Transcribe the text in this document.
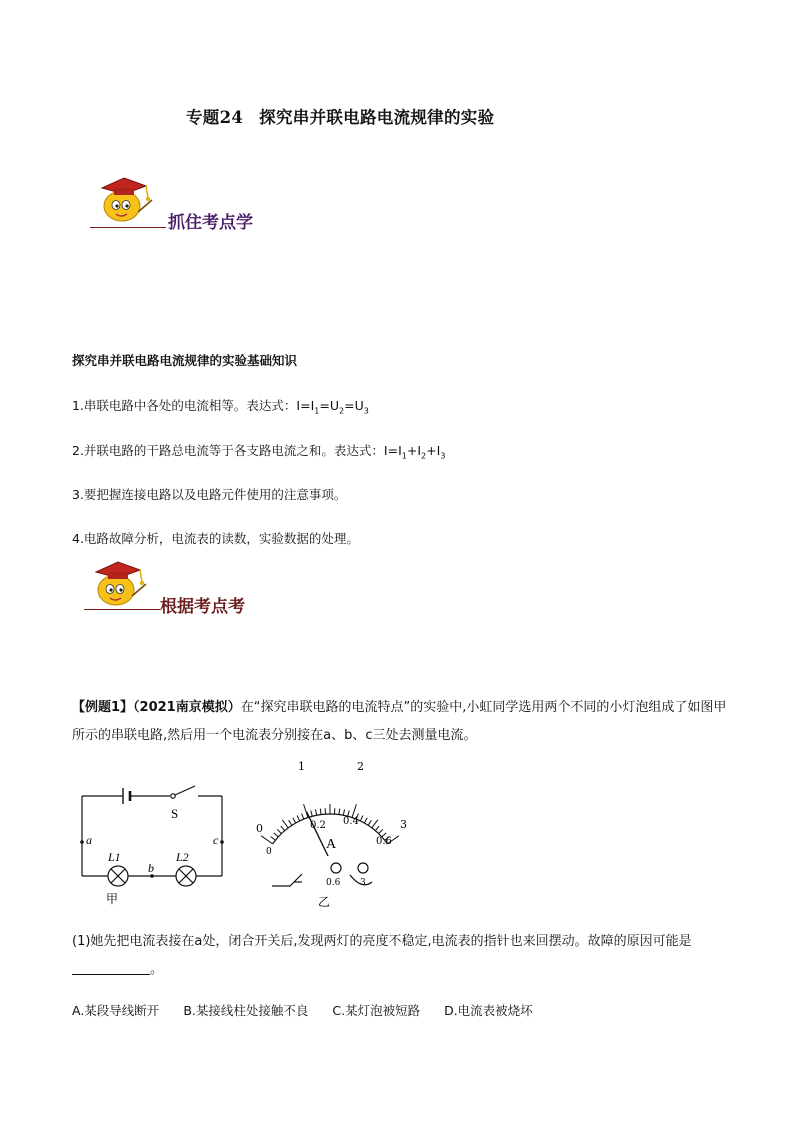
专题24 探究串并联电路电流规律的实验
抓住考点学
探究串并联电路电流规律的实验基础知识
1.串联电路中各处的电流相等。表达式：$I=I_1=U_2=U_3$
2.并联电路的干路总电流等于各支路电流之和。表达式：$I=I_1+I_2+I_3$
3.要把握连接电路以及电路元件使用的注意事项。
4.电路故障分析，电流表的读数，实验数据的处理。
根据考点考
【例题1】（2021南京模拟）在“探究串联电路的电流特点”的实验中,小虹同学选用两个不同的小灯泡组成了如图甲所示的串联电路,然后用一个电流表分别接在a、b、c三处去测量电流。
S
a	c
b
L1	L2
甲
1	2
0	3
0
0.2 0.4
0.6
A
0.6 3
乙
(1)她先把电流表接在a处，闭合开关后,发现两灯的亮度不稳定,电流表的指针也来回摆动。故障的原因可能是。
A.某段导线断开 B.某接线柱处接触不良 C.某灯泡被短路 D.电流表被烧坏
